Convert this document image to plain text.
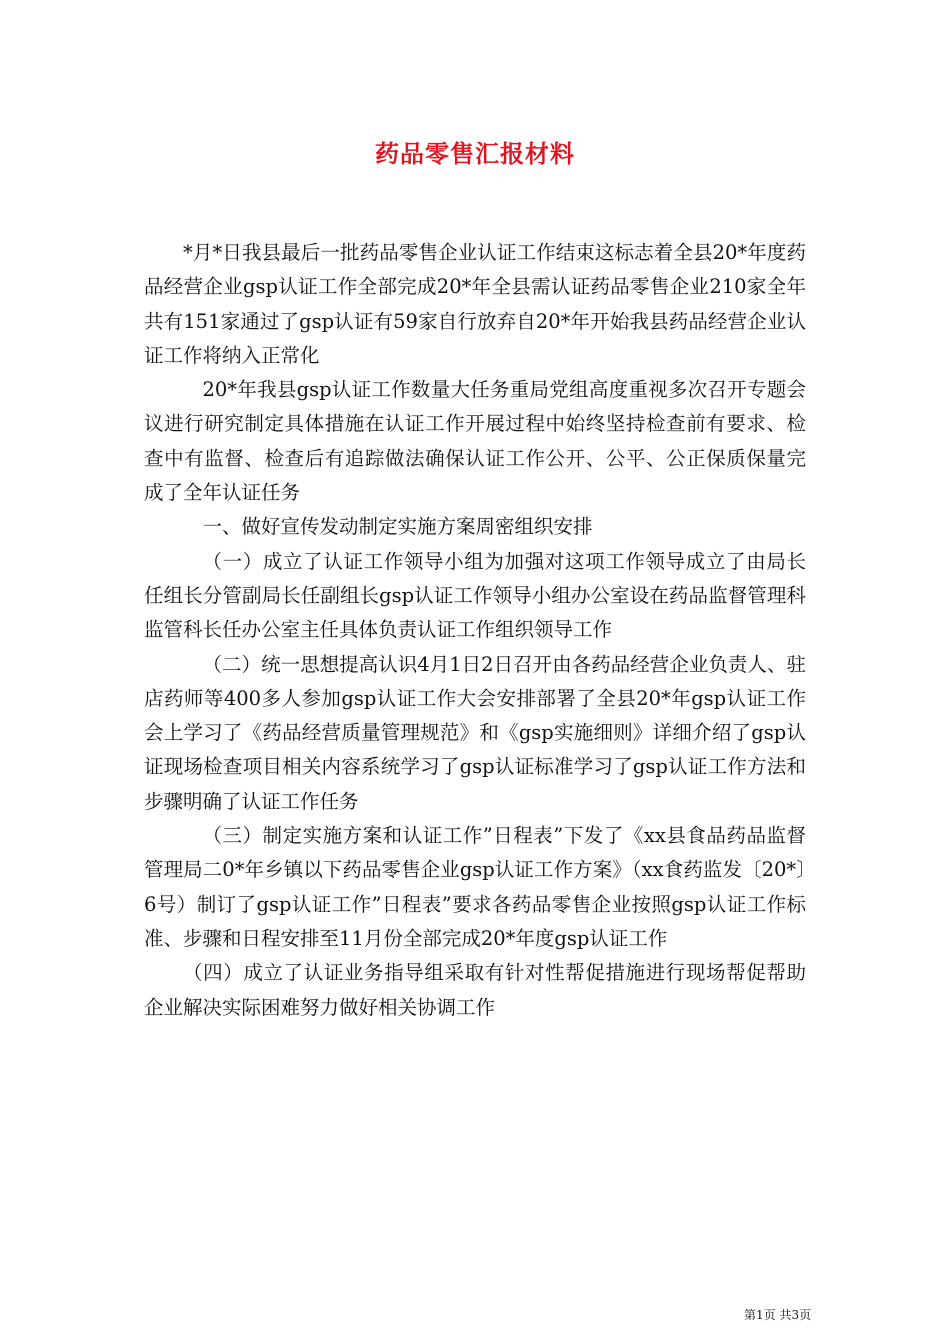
药品零售汇报材料

*月*日我县最后一批药品零售企业认证工作结束这标志着全县20*年度药品经营企业gsp认证工作全部完成20*年全县需认证药品零售企业210家全年共有151家通过了gsp认证有59家自行放弃自20*年开始我县药品经营企业认证工作将纳入正常化

20*年我县gsp认证工作数量大任务重局党组高度重视多次召开专题会议进行研究制定具体措施在认证工作开展过程中始终坚持检查前有要求、检查中有监督、检查后有追踪做法确保认证工作公开、公平、公正保质保量完成了全年认证任务

一、做好宣传发动制定实施方案周密组织安排

（一）成立了认证工作领导小组为加强对这项工作领导成立了由局长任组长分管副局长任副组长gsp认证工作领导小组办公室设在药品监督管理科监管科长任办公室主任具体负责认证工作组织领导工作

（二）统一思想提高认识4月1日2日召开由各药品经营企业负责人、驻店药师等400多人参加gsp认证工作大会安排部署了全县20*年gsp认证工作会上学习了《药品经营质量管理规范》和《gsp实施细则》详细介绍了gsp认证现场检查项目相关内容系统学习了gsp认证标准学习了gsp认证工作方法和步骤明确了认证工作任务

（三）制定实施方案和认证工作”日程表”下发了《xx县食品药品监督管理局二0*年乡镇以下药品零售企业gsp认证工作方案》（xx食药监发〔20*〕6号）制订了gsp认证工作”日程表”要求各药品零售企业按照gsp认证工作标准、步骤和日程安排至11月份全部完成20*年度gsp认证工作

（四）成立了认证业务指导组采取有针对性帮促措施进行现场帮促帮助企业解决实际困难努力做好相关协调工作

第1页 共3页
